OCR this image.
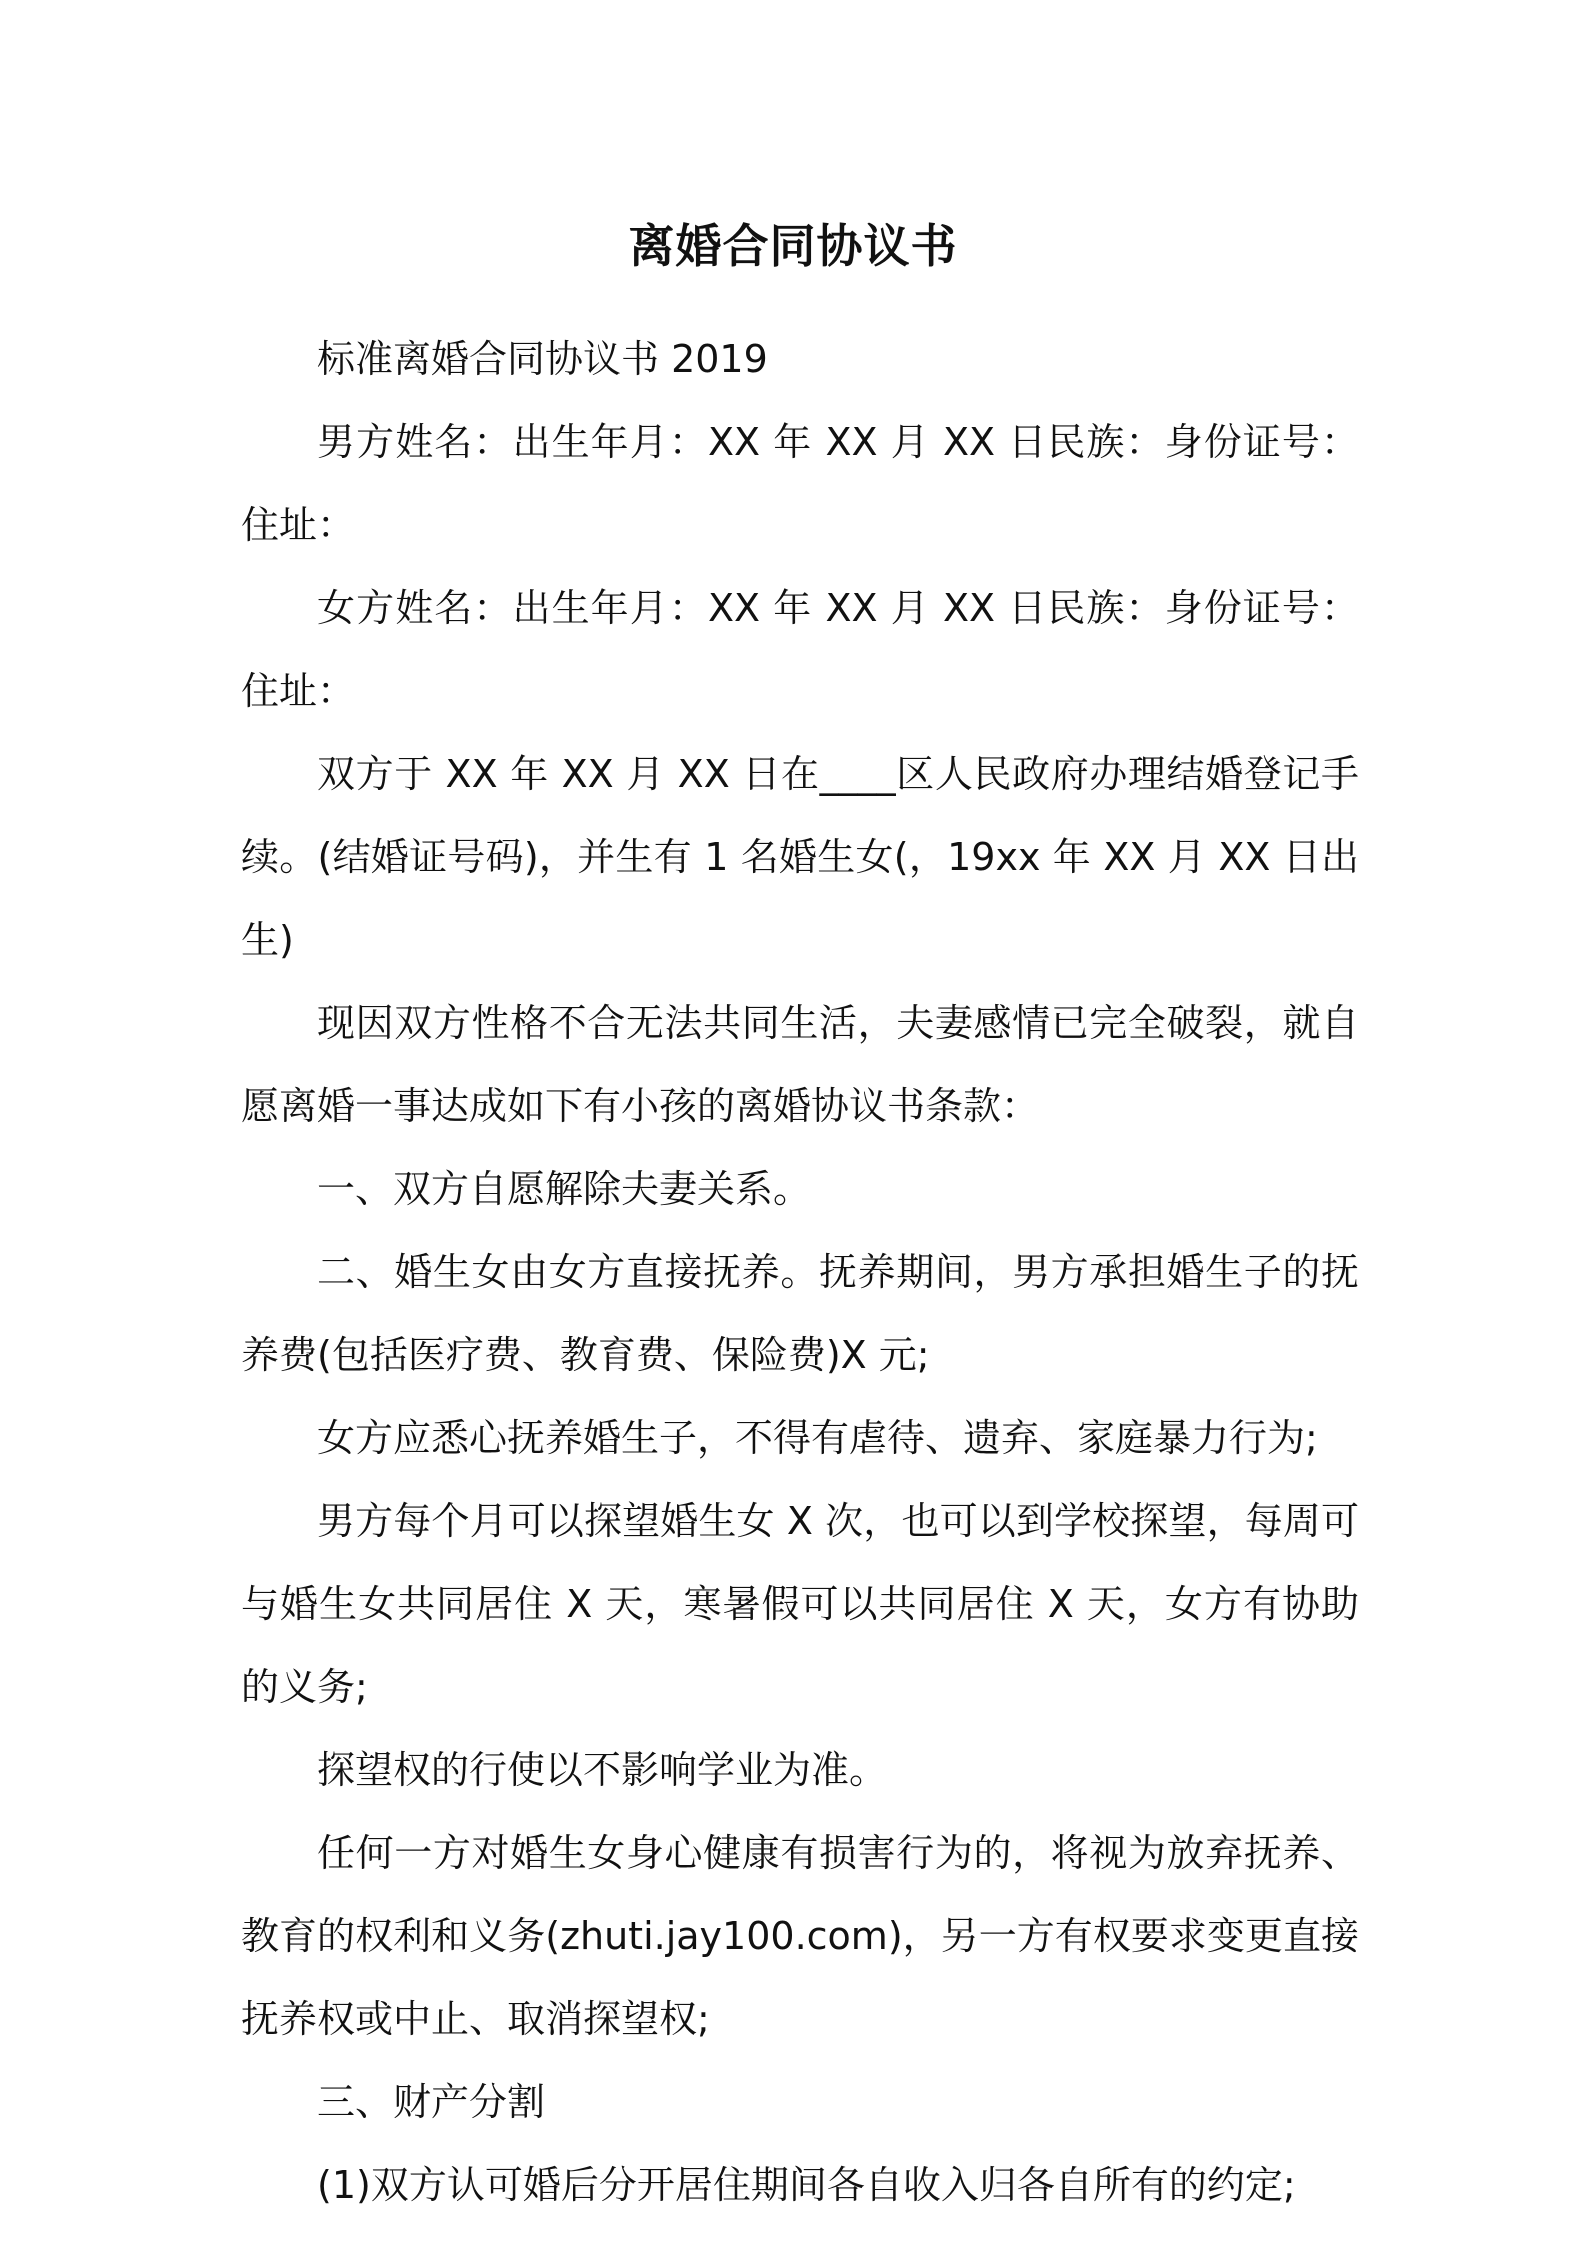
离婚合同协议书

标准离婚合同协议书 2019

男方姓名：出生年月：XX 年 XX 月 XX 日民族：身份证号：住址：

女方姓名：出生年月：XX 年 XX 月 XX 日民族：身份证号：住址：

双方于 XX 年 XX 月 XX 日在____区人民政府办理结婚登记手续。(结婚证号码)，并生有 1 名婚生女(，19xx 年 XX 月 XX 日出生)

现因双方性格不合无法共同生活，夫妻感情已完全破裂，就自愿离婚一事达成如下有小孩的离婚协议书条款：

一、双方自愿解除夫妻关系。

二、婚生女由女方直接抚养。抚养期间，男方承担婚生子的抚养费(包括医疗费、教育费、保险费)X 元;

女方应悉心抚养婚生子，不得有虐待、遗弃、家庭暴力行为;

男方每个月可以探望婚生女 X 次，也可以到学校探望，每周可与婚生女共同居住 X 天，寒暑假可以共同居住 X 天，女方有协助的义务;

探望权的行使以不影响学业为准。

任何一方对婚生女身心健康有损害行为的，将视为放弃抚养、教育的权利和义务(zhuti.jay100.com)，另一方有权要求变更直接抚养权或中止、取消探望权;

三、财产分割

(1)双方认可婚后分开居住期间各自收入归各自所有的约定;
